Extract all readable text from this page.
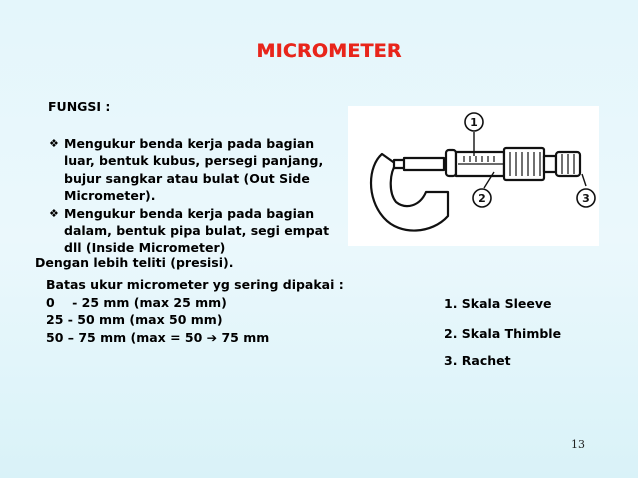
MICROMETER
FUNGSI :
❖ Mengukur benda kerja pada bagian
luar, bentuk kubus, persegi panjang,
bujur sangkar atau bulat (Out Side
Micrometer).
❖ Mengukur benda kerja pada bagian
dalam, bentuk pipa bulat, segi empat
dll (Inside Micrometer)
Dengan lebih teliti (presisi).
Batas ukur micrometer yg sering dipakai :
0    - 25 mm (max 25 mm)
25 - 50 mm (max 50 mm)
50 – 75 mm (max = 50 ➔ 75 mm
1
2	3
1. Skala Sleeve
2. Skala Thimble
3. Rachet
13
